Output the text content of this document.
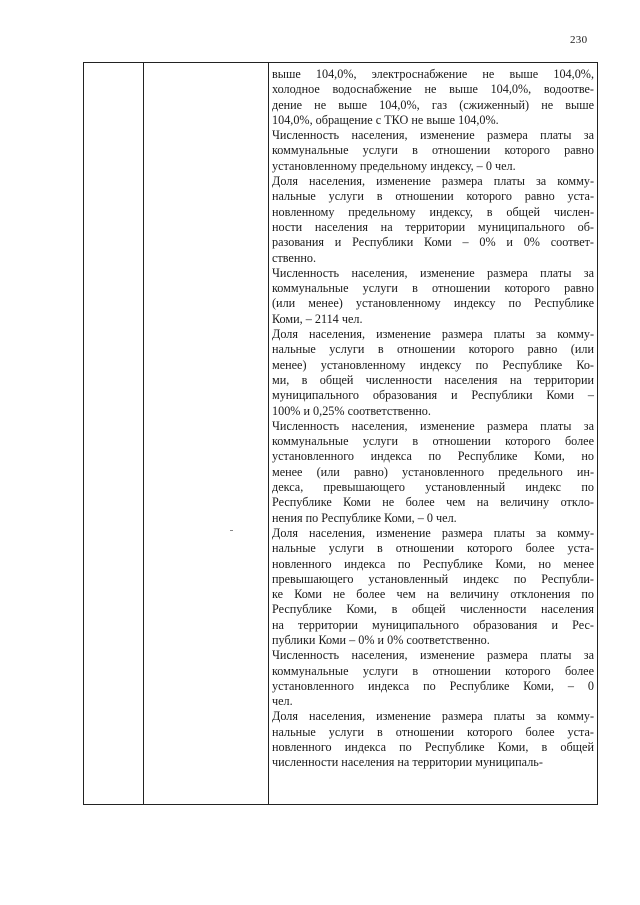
230
выше 104,0%, электроснабжение не выше 104,0%,
холодное водоснабжение не выше 104,0%, водоотве-
дение не выше 104,0%, газ (сжиженный) не выше
104,0%, обращение с ТКО не выше 104,0%.
Численность населения, изменение размера платы за
коммунальные услуги в отношении которого равно
установленному предельному индексу, – 0 чел.
Доля населения, изменение размера платы за комму-
нальные услуги в отношении которого равно уста-
новленному предельному индексу, в общей числен-
ности населения на территории муниципального об-
разования и Республики Коми – 0% и 0% соответ-
ственно.
Численность населения, изменение размера платы за
коммунальные услуги в отношении которого равно
(или менее) установленному индексу по Республике
Коми, – 2114 чел.
Доля населения, изменение размера платы за комму-
нальные услуги в отношении которого равно (или
менее) установленному индексу по Республике Ко-
ми, в общей численности населения на территории
муниципального образования и Республики Коми –
100% и 0,25% соответственно.
Численность населения, изменение размера платы за
коммунальные услуги в отношении которого более
установленного индекса по Республике Коми, но
менее (или равно) установленного предельного ин-
декса, превышающего установленный индекс по
Республике Коми не более чем на величину откло-
нения по Республике Коми, – 0 чел.
Доля населения, изменение размера платы за комму-
нальные услуги в отношении которого более уста-
новленного индекса по Республике Коми, но менее
превышающего установленный индекс по Республи-
ке Коми не более чем на величину отклонения по
Республике Коми, в общей численности населения
на территории муниципального образования и Рес-
публики Коми – 0% и 0% соответственно.
Численность населения, изменение размера платы за
коммунальные услуги в отношении которого более
установленного индекса по Республике Коми, – 0
чел.
Доля населения, изменение размера платы за комму-
нальные услуги в отношении которого более уста-
новленного индекса по Республике Коми, в общей
численности населения на территории муниципаль-
